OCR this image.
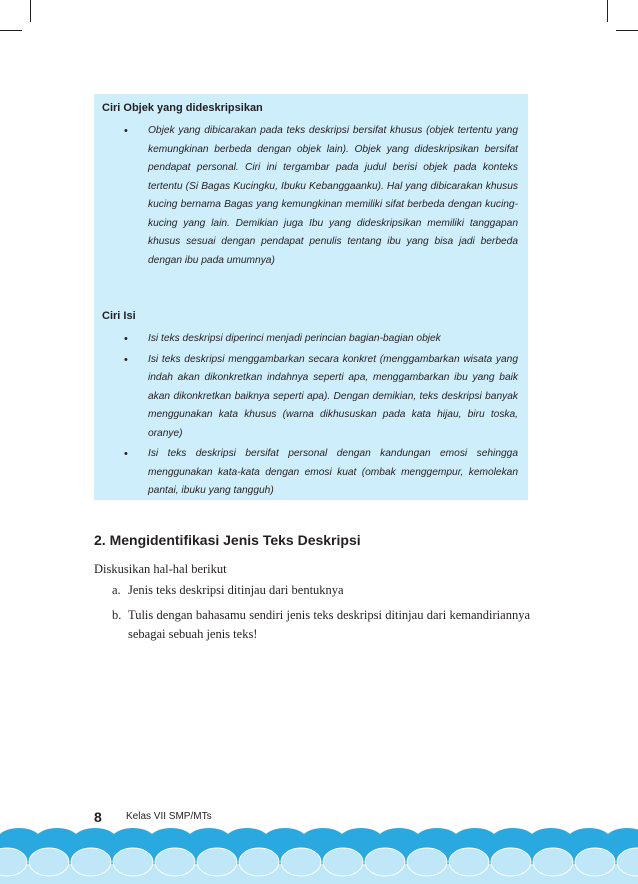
Ciri Objek yang dideskripsikan
• Objek yang dibicarakan pada teks deskripsi bersifat khusus (objek tertentu yang kemungkinan berbeda dengan objek lain). Objek yang dideskripsikan bersifat pendapat personal. Ciri ini tergambar pada judul berisi objek pada konteks tertentu (Si Bagas Kucingku, Ibuku Kebanggaanku). Hal yang dibicarakan khusus kucing bernama Bagas yang kemungkinan memiliki sifat berbeda dengan kucing-kucing yang lain. Demikian juga Ibu yang dideskripsikan memiliki tanggapan khusus sesuai dengan pendapat penulis tentang ibu yang bisa jadi berbeda dengan ibu pada umumnya)
Ciri Isi
• Isi teks deskripsi diperinci menjadi perincian bagian-bagian objek
• Isi teks deskripsi menggambarkan secara konkret (menggambarkan wisata yang indah akan dikonkretkan indahnya seperti apa, menggambarkan ibu yang baik akan dikonkretkan baiknya seperti apa). Dengan demikian, teks deskripsi banyak menggunakan kata khusus (warna dikhususkan pada kata hijau, biru toska, oranye)
• Isi teks deskripsi bersifat personal dengan kandungan emosi sehingga menggunakan kata-kata dengan emosi kuat (ombak menggempur, kemolekan pantai, ibuku yang tangguh)
2. Mengidentifikasi Jenis Teks Deskripsi
Diskusikan hal-hal berikut
a. Jenis teks deskripsi ditinjau dari bentuknya
b. Tulis dengan bahasamu sendiri jenis teks deskripsi ditinjau dari kemandiriannya sebagai sebuah jenis teks!
8 Kelas VII SMP/MTs
